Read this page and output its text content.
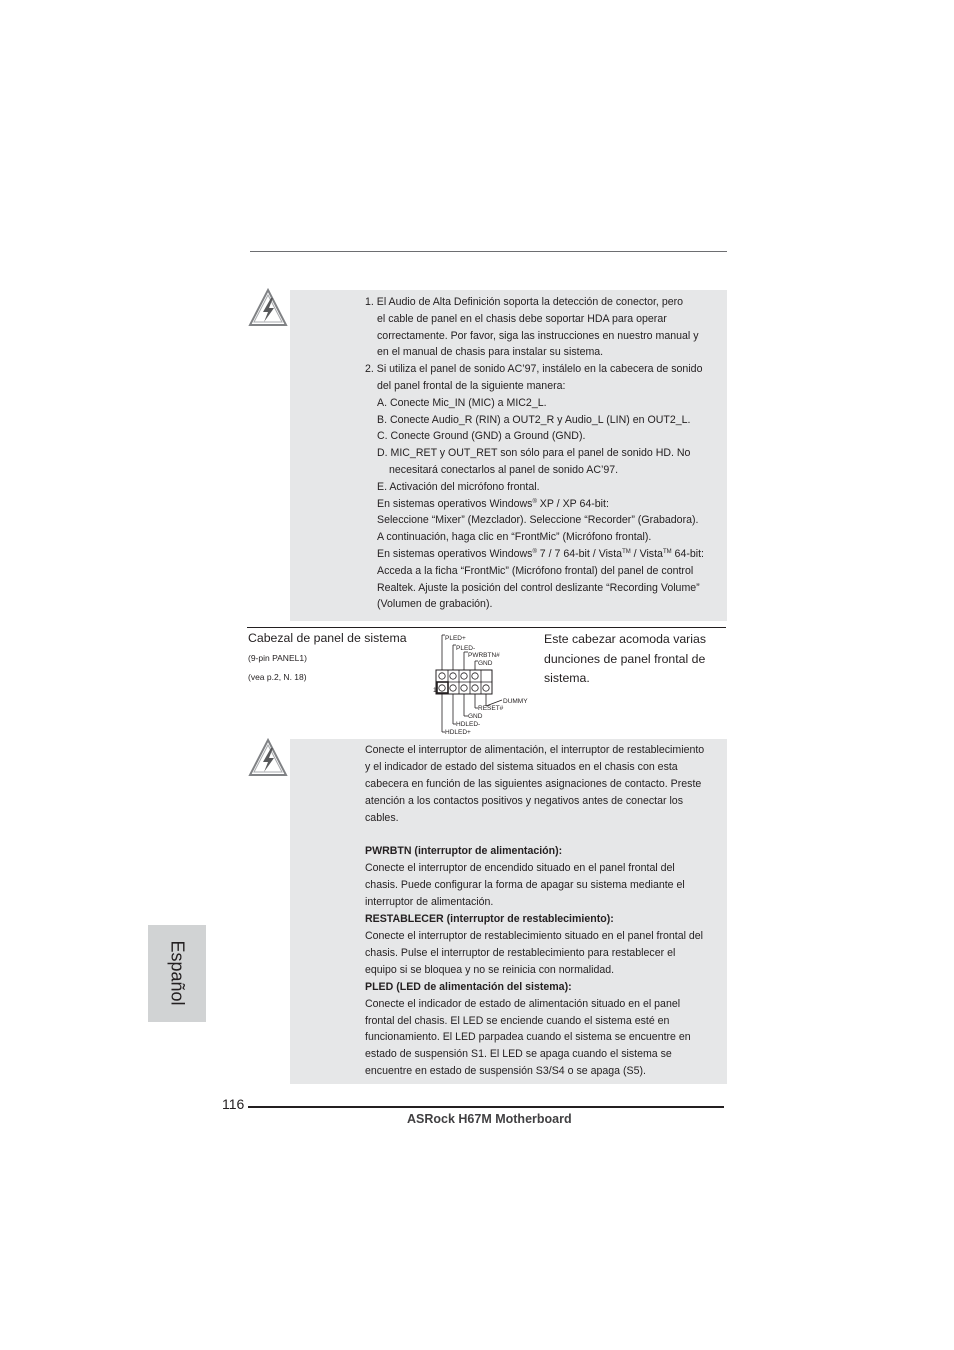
1. El Audio de Alta Definición soporta la detección de conector, pero
el cable de panel en el chasis debe soportar HDA para operar
correctamente. Por favor, siga las instrucciones en nuestro manual y
en el manual de chasis para instalar su sistema.
2. Si utiliza el panel de sonido AC’97, instálelo en la cabecera de sonido
del panel frontal de la siguiente manera:
A. Conecte Mic_IN (MIC) a MIC2_L.
B. Conecte Audio_R (RIN) a OUT2_R y Audio_L (LIN) en OUT2_L.
C. Conecte Ground (GND) a Ground (GND).
D. MIC_RET y OUT_RET son sólo para el panel de sonido HD. No
necesitará conectarlos al panel de sonido AC’97.
E. Activación del micrófono frontal.
En sistemas operativos Windows® XP / XP 64-bit:
Seleccione “Mixer” (Mezclador). Seleccione “Recorder” (Grabadora).
A continuación, haga clic en “FrontMic” (Micrófono frontal).
En sistemas operativos Windows® 7 / 7 64-bit / Vista™ / Vista™ 64-bit:
Acceda a la ficha “FrontMic” (Micrófono frontal) del panel de control
Realtek. Ajuste la posición del control deslizante “Recording Volume”
(Volumen de grabación).
Cabezal de panel de sistema
(9-pin PANEL1)
(vea p.2, N. 18)
PLED+
PLED-
PWRBTN#
GND
DUMMY
RESET#
GND
HDLED-
HDLED+
1
Este cabezar acomoda varias dunciones de panel frontal de sistema.
Conecte el interruptor de alimentación, el interruptor de restablecimiento
y el indicador de estado del sistema situados en el chasis con esta
cabecera en función de las siguientes asignaciones de contacto. Preste
atención a los contactos positivos y negativos antes de conectar los
cables.

PWRBTN (interruptor de alimentación):
Conecte el interruptor de encendido situado en el panel frontal del
chasis. Puede configurar la forma de apagar su sistema mediante el
interruptor de alimentación.
RESTABLECER (interruptor de restablecimiento):
Conecte el interruptor de restablecimiento situado en el panel frontal del
chasis. Pulse el interruptor de restablecimiento para restablecer el
equipo si se bloquea y no se reinicia con normalidad.
PLED (LED de alimentación del sistema):
Conecte el indicador de estado de alimentación situado en el panel
frontal del chasis. El LED se enciende cuando el sistema esté en
funcionamiento. El LED parpadea cuando el sistema se encuentre en
estado de suspensión S1. El LED se apaga cuando el sistema se
encuentre en estado de suspensión S3/S4 o se apaga (S5).
Español
116
ASRock H67M Motherboard
